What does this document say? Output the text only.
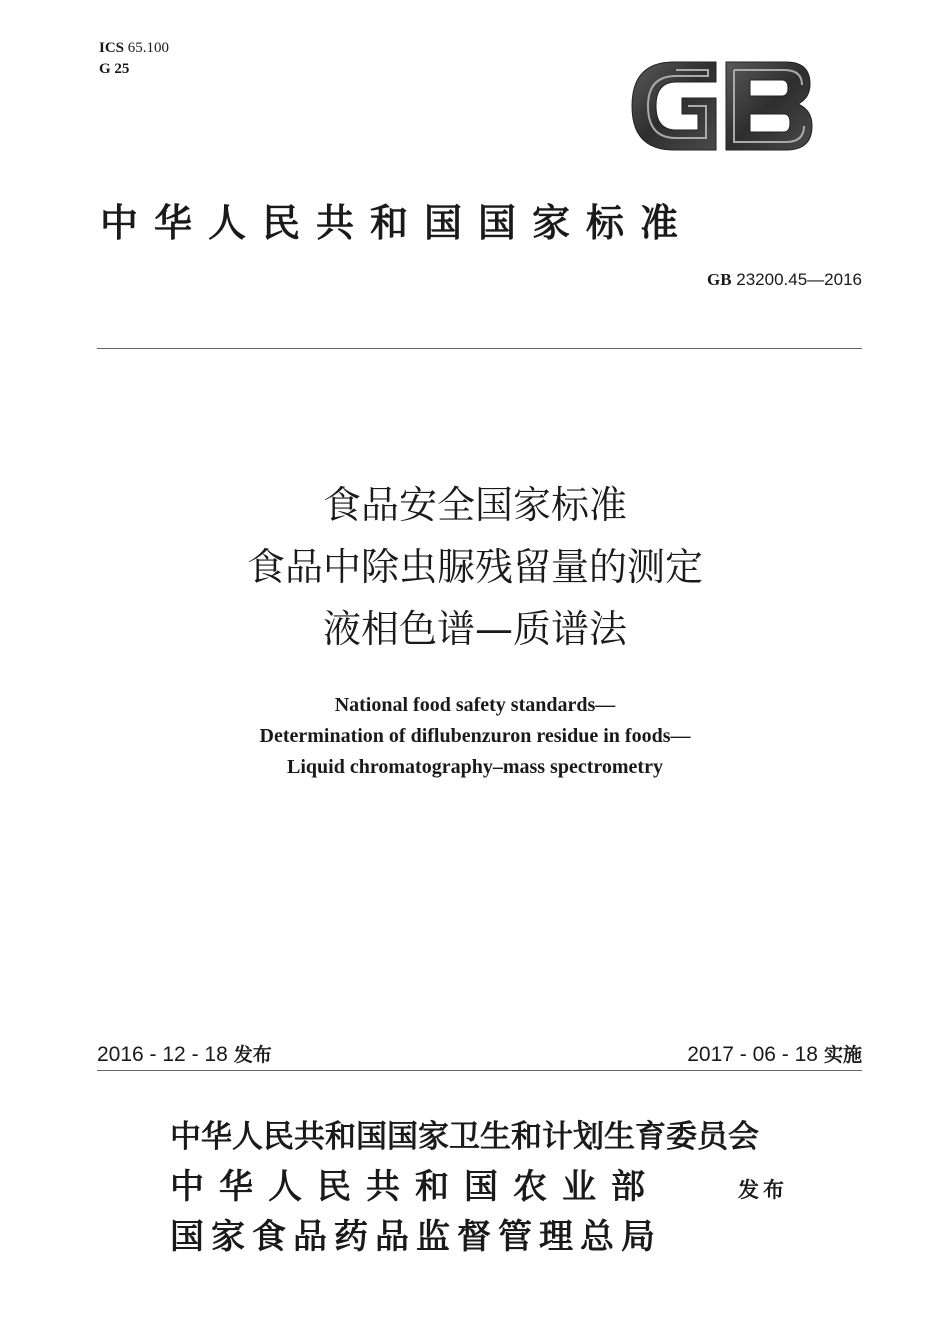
ICS 65.100
G 25
中华人民共和国国家标准
GB 23200.45—2016
食品安全国家标准
食品中除虫脲残留量的测定
液相色谱—质谱法
National food safety standards—
Determination of diflubenzuron residue in foods—
Liquid chromatography–mass spectrometry
2016 - 12 - 18 发布	2017 - 06 - 18 实施
中华人民共和国国家卫生和计划生育委员会
中华人民共和国农业部
国家食品药品监督管理总局
发布
